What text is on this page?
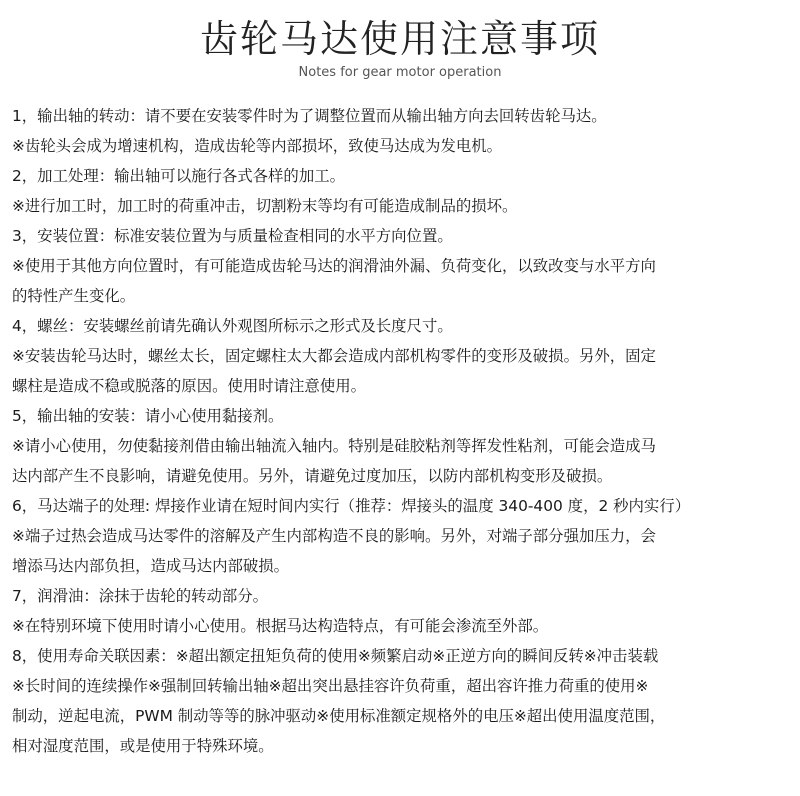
齿轮马达使用注意事项
Notes for gear motor operation
1，输出轴的转动：请不要在安装零件时为了调整位置而从输出轴方向去回转齿轮马达。
※齿轮头会成为增速机构，造成齿轮等内部损坏，致使马达成为发电机。
2，加工处理：输出轴可以施行各式各样的加工。
※进行加工时，加工时的荷重冲击，切割粉末等均有可能造成制品的损坏。
3，安装位置：标准安装位置为与质量检查相同的水平方向位置。
※使用于其他方向位置时，有可能造成齿轮马达的润滑油外漏、负荷变化，以致改变与水平方向
的特性产生变化。
4，螺丝：安装螺丝前请先确认外观图所标示之形式及长度尺寸。
※安装齿轮马达时，螺丝太长，固定螺柱太大都会造成内部机构零件的变形及破损。另外，固定
螺柱是造成不稳或脱落的原因。使用时请注意使用。
5，输出轴的安装：请小心使用黏接剂。
※请小心使用，勿使黏接剂借由输出轴流入轴内。特别是硅胶粘剂等挥发性粘剂，可能会造成马
达内部产生不良影响，请避免使用。另外，请避免过度加压，以防内部机构变形及破损。
6，马达端子的处理: 焊接作业请在短时间内实行（推荐：焊接头的温度 340-400 度，2 秒内实行）
※端子过热会造成马达零件的溶解及产生内部构造不良的影响。另外，对端子部分强加压力，会
增添马达内部负担，造成马达内部破损。
7，润滑油：涂抹于齿轮的转动部分。
※在特别环境下使用时请小心使用。根据马达构造特点，有可能会渗流至外部。
8，使用寿命关联因素：※超出额定扭矩负荷的使用※频繁启动※正逆方向的瞬间反转※冲击装载
※长时间的连续操作※强制回转输出轴※超出突出悬挂容许负荷重，超出容许推力荷重的使用※
制动，逆起电流，PWM 制动等等的脉冲驱动※使用标准额定规格外的电压※超出使用温度范围，
相对湿度范围，或是使用于特殊环境。
